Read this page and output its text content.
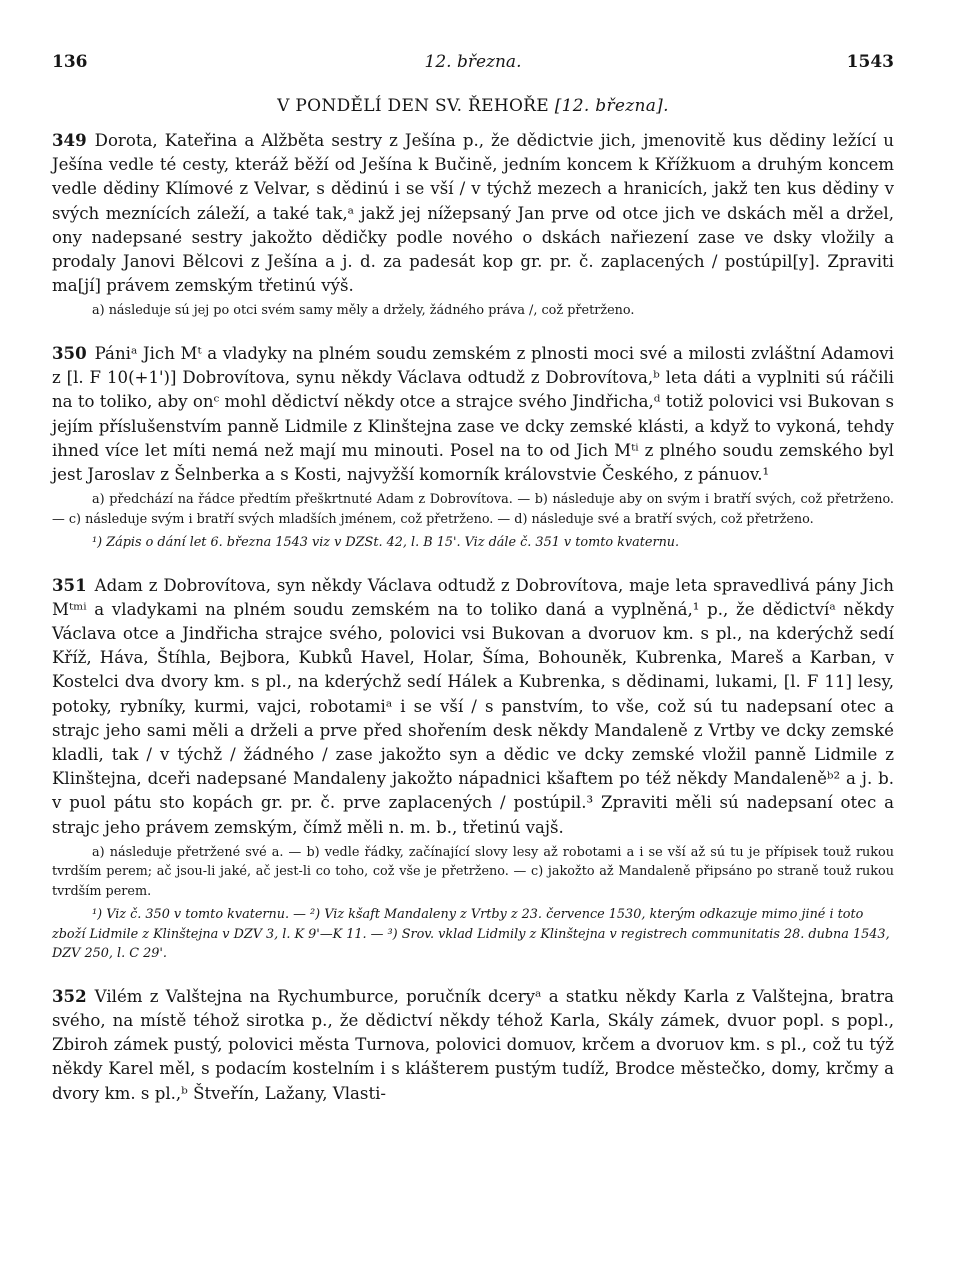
136	12. března.	1543
V PONDĚLÍ DEN SV. ŘEHOŘE [12. března].

349 Dorota, Kateřina a Alžběta sestry z Ješína p., že dědictvie jich, jmenovitě kus dědiny ležící u Ješína vedle té cesty, kteráž běží od Ješína k Bučině, jedním koncem k Křížkuom a druhým koncem vedle dědiny Klímové z Velvar, s dědinú i se vší / v týchž mezech a hranicích, jakž ten kus dědiny v svých meznících záleží, a také tak,ᵃ jakž jej nížepsaný Jan prve od otce jich ve dskách měl a držel, ony nadepsané sestry jakožto dědičky podle nového o dskách nařiezení zase ve dsky vložily a prodaly Janovi Bělcovi z Ješína a j. d. za padesát kop gr. pr. č. zaplacených / postúpil[y]. Zpraviti ma[jí] právem zemským třetinú výš.

a) následuje sú jej po otci svém samy měly a držely, žádného práva /, což přetrženo.

350 Pániᵃ Jich Mᵗ a vladyky na plném soudu zemském z plnosti moci své a milosti zvláštní Adamovi z [l. F 10(+1')] Dobrovítova, synu někdy Václava odtudž z Dobrovítova,ᵇ leta dáti a vyplniti sú ráčili na to toliko, aby onᶜ mohl dědictví někdy otce a strajce svého Jindřicha,ᵈ totiž polovici vsi Bukovan s jejím příslušenstvím panně Lidmile z Klinštejna zase ve dcky zemské klásti, a když to vykoná, tehdy ihned více let míti nemá než mají mu minouti. Posel na to od Jich Mᵗⁱ z plného soudu zemského byl jest Jaroslav z Šelnberka a s Kosti, najvyžší komorník královstvie Českého, z pánuov.¹

a) předchází na řádce předtím přeškrtnuté Adam z Dobrovítova. — b) následuje aby on svým i bratří svých, což přetrženo. — c) následuje svým i bratří svých mladších jménem, což přetrženo. — d) následuje své a bratří svých, což přetrženo.

¹) Zápis o dání let 6. března 1543 viz v DZSt. 42, l. B 15'. Viz dále č. 351 v tomto kvaternu.

351 Adam z Dobrovítova, syn někdy Václava odtudž z Dobrovítova, maje leta spravedlivá pány Jich Mᵗᵐⁱ a vladykami na plném soudu zemském na to toliko daná a vyplněná,¹ p., že dědictvíᵃ někdy Václava otce a Jindřicha strajce svého, polovici vsi Bukovan a dvoruov km. s pl., na kderýchž sedí Kříž, Háva, Štíhla, Bejbora, Kubků Havel, Holar, Šíma, Bohouněk, Kubrenka, Mareš a Karban, v Kostelci dva dvory km. s pl., na kderýchž sedí Hálek a Kubrenka, s dědinami, lukami, [l. F 11] lesy, potoky, rybníky, kurmi, vajci, robotamiᵃ i se vší / s panstvím, to vše, což sú tu nadepsaní otec a strajc jeho sami měli a drželi a prve před shořením desk někdy Mandaleně z Vrtby ve dcky zemské kladli, tak / v týchž / žádného / zase jakožto syn a dědic ve dcky zemské vložil panně Lidmile z Klinštejna, dceři nadepsané Mandaleny jakožto nápadnici kšaftem po též někdy Mandaleněᵇ² a j. b. v puol pátu sto kopách gr. pr. č. prve zaplacených / postúpil.³ Zpraviti měli sú nadepsaní otec a strajc jeho právem zemským, čímž měli n. m. b., třetinú vajš.

a) následuje přetržené své a. — b) vedle řádky, začínající slovy lesy až robotami a i se vší až sú tu je přípisek touž rukou tvrdším perem; ač jsou-li jaké, ač jest-li co toho, což vše je přetrženo. — c) jakožto až Mandaleně připsáno po straně touž rukou tvrdším perem.

¹) Viz č. 350 v tomto kvaternu. — ²) Viz kšaft Mandaleny z Vrtby z 23. července 1530, kterým odkazuje mimo jiné i toto zboží Lidmile z Klinštejna v DZV 3, l. K 9'—K 11. — ³) Srov. vklad Lidmily z Klinštejna v registrech communitatis 28. dubna 1543, DZV 250, l. C 29'.

352 Vilém z Valštejna na Rychumburce, poručník dceryᵃ a statku někdy Karla z Valštejna, bratra svého, na místě téhož sirotka p., že dědictví někdy téhož Karla, Skály zámek, dvuor popl. s popl., Zbiroh zámek pustý, polovici města Turnova, polovici domuov, krčem a dvoruov km. s pl., což tu týž někdy Karel měl, s podacím kostelním i s klášterem pustým tudíž, Brodce městečko, domy, krčmy a dvory km. s pl.,ᵇ Štveřín, Lažany, Vlasti-
